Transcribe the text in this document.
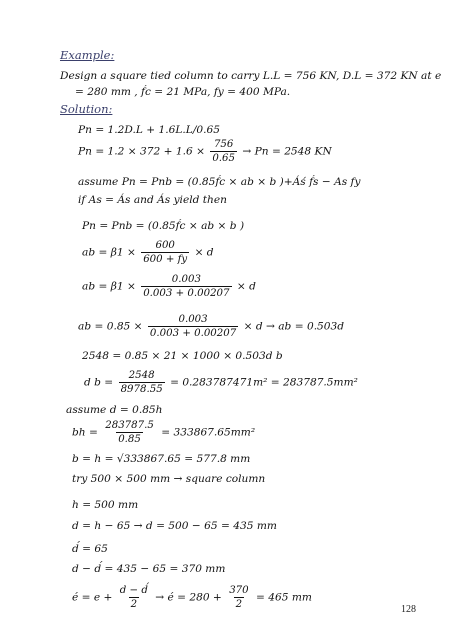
Example:
Design a square tied column to carry L.L = 756 KN, D.L = 372 KN at e
= 280 mm , f́c = 21 MPa, fy = 400 MPa.
Solution:
Pn = 1.2D.L + 1.6L.L/0.65
$Pn = 1.2 \times 372 + 1.6 \times \frac{756}{0.65} \to Pn = 2548$ KN
assume Pn = Pnb = (0.85f́c × ab × b )+Áś f́s − As fy
if As = Ás and Ás yield then
Pn = Pnb = (0.85f́c × ab × b )
ab = $\beta 1 \times \frac{600}{600 + fy} \times d$
ab = $\beta 1 \times \frac{0.003}{0.003 + 0.00207} \times d$
ab = $0.85 \times \frac{0.003}{0.003 + 0.00207} \times d$ → ab = 0.503d
2548 = 0.85 × 21 × 1000 × 0.503d b
d $b = \frac{2548}{8978.55} = 0.283787471m^2 = 283787.5mm^2$
assume d = 0.85h
bh = $\frac{283787.5}{0.85} = 333867.65mm^2$
b = h = √333867.65 = 577.8 mm
try 500 × 500 mm → square column
h = 500 mm
d = h − 65 → d = 500 − 65 = 435 mm
d́ = 65
d − d́ = 435 − 65 = 370 mm
é = $e + \frac{d - d́}{2}$ → é = $280 + \frac{370}{2} = 465$ mm
128
